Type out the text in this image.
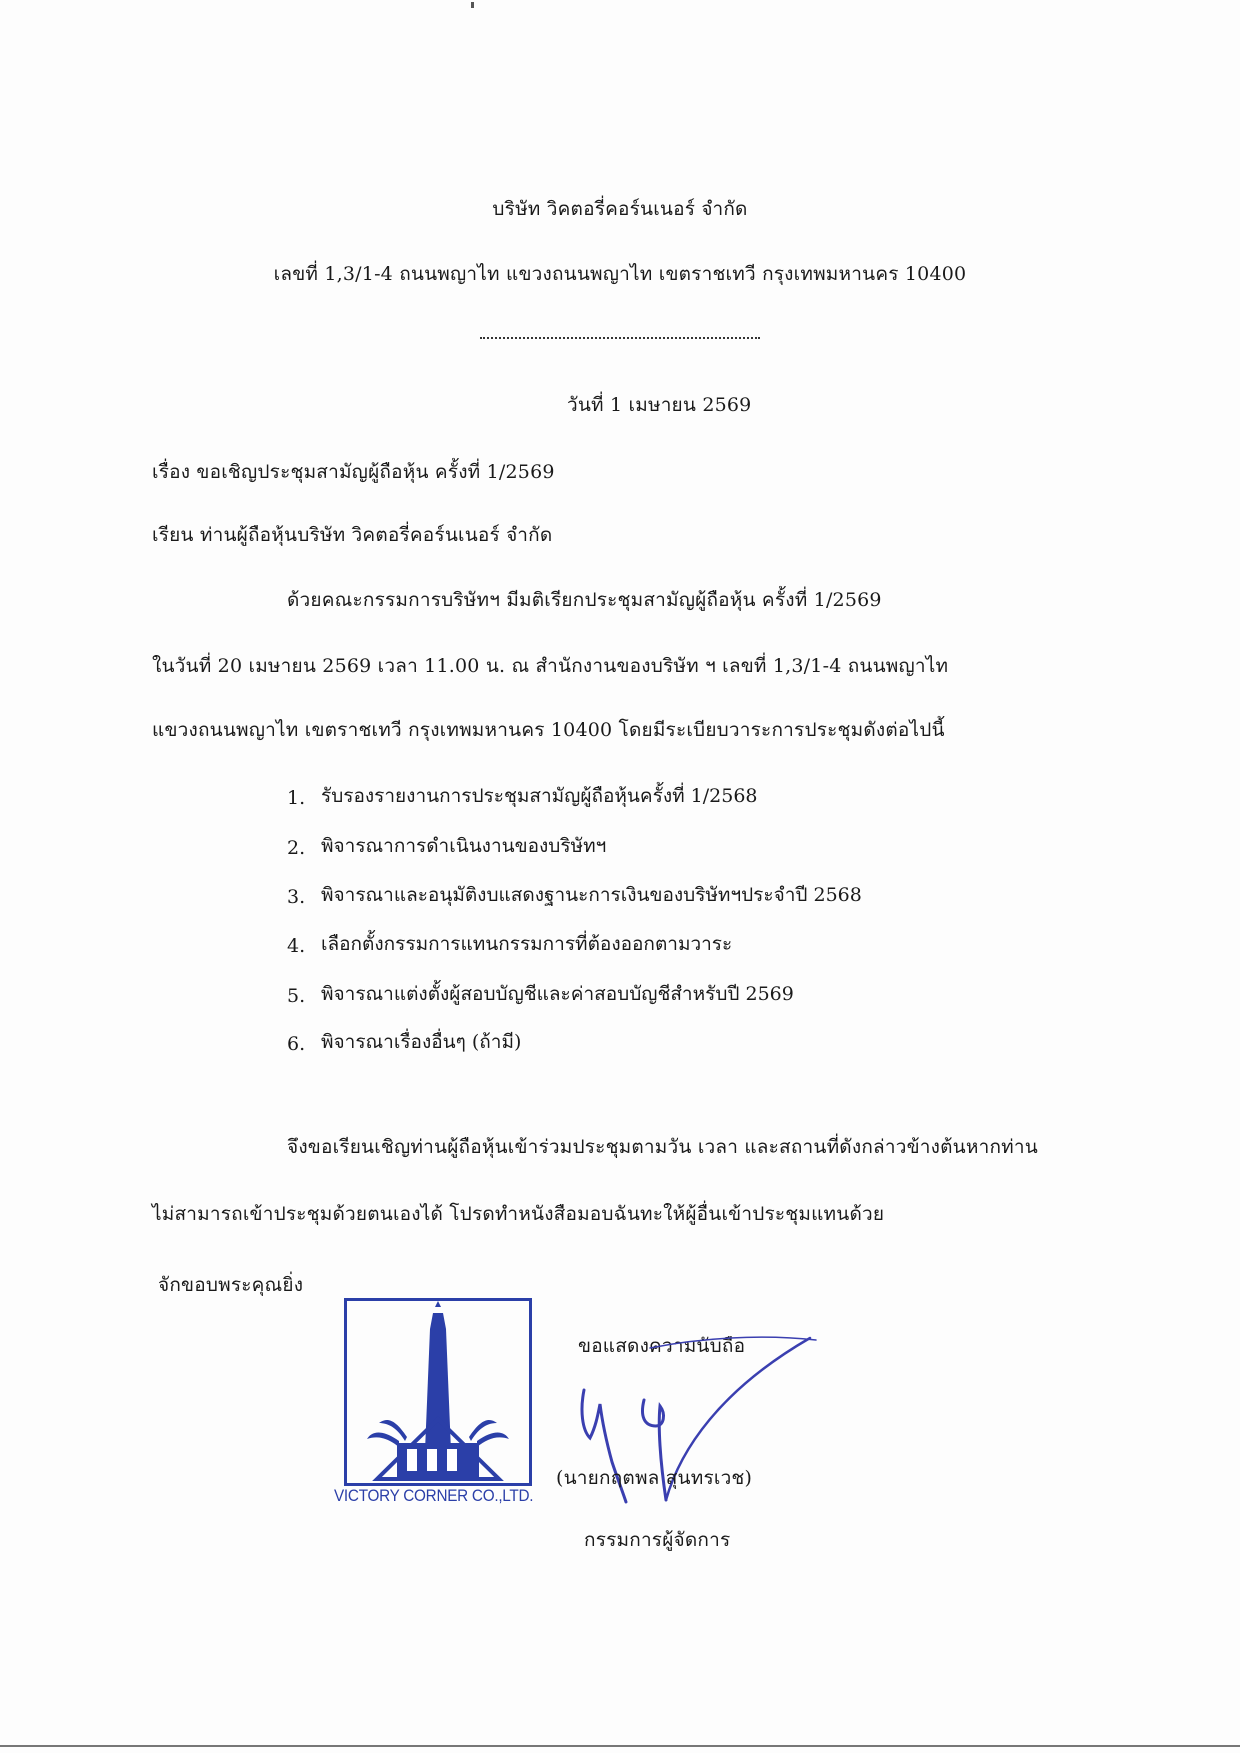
บริษัท วิคตอรี่คอร์นเนอร์ จำกัด
เลขที่ 1,3/1-4 ถนนพญาไท แขวงถนนพญาไท เขตราชเทวี กรุงเทพมหานคร 10400
วันที่ 1 เมษายน 2569
เรื่อง ขอเชิญประชุมสามัญผู้ถือหุ้น ครั้งที่ 1/2569
เรียน ท่านผู้ถือหุ้นบริษัท วิคตอรี่คอร์นเนอร์ จำกัด
ด้วยคณะกรรมการบริษัทฯ มีมติเรียกประชุมสามัญผู้ถือหุ้น ครั้งที่ 1/2569
ในวันที่ 20 เมษายน 2569 เวลา 11.00 น. ณ สำนักงานของบริษัท ฯ เลขที่ 1,3/1-4 ถนนพญาไท
แขวงถนนพญาไท เขตราชเทวี กรุงเทพมหานคร 10400 โดยมีระเบียบวาระการประชุมดังต่อไปนี้
1. รับรองรายงานการประชุมสามัญผู้ถือหุ้นครั้งที่ 1/2568
2. พิจารณาการดำเนินงานของบริษัทฯ
3. พิจารณาและอนุมัติงบแสดงฐานะการเงินของบริษัทฯประจำปี 2568
4. เลือกตั้งกรรมการแทนกรรมการที่ต้องออกตามวาระ
5. พิจารณาแต่งตั้งผู้สอบบัญชีและค่าสอบบัญชีสำหรับปี 2569
6. พิจารณาเรื่องอื่นๆ (ถ้ามี)
จึงขอเรียนเชิญท่านผู้ถือหุ้นเข้าร่วมประชุมตามวัน เวลา และสถานที่ดังกล่าวข้างต้นหากท่าน
ไม่สามารถเข้าประชุมด้วยตนเองได้ โปรดทำหนังสือมอบฉันทะให้ผู้อื่นเข้าประชุมแทนด้วย
จักขอบพระคุณยิ่ง
VICTORY CORNER CO.,LTD.
ขอแสดงความนับถือ
(นายกฤตพล สุนทรเวช)
กรรมการผู้จัดการ
